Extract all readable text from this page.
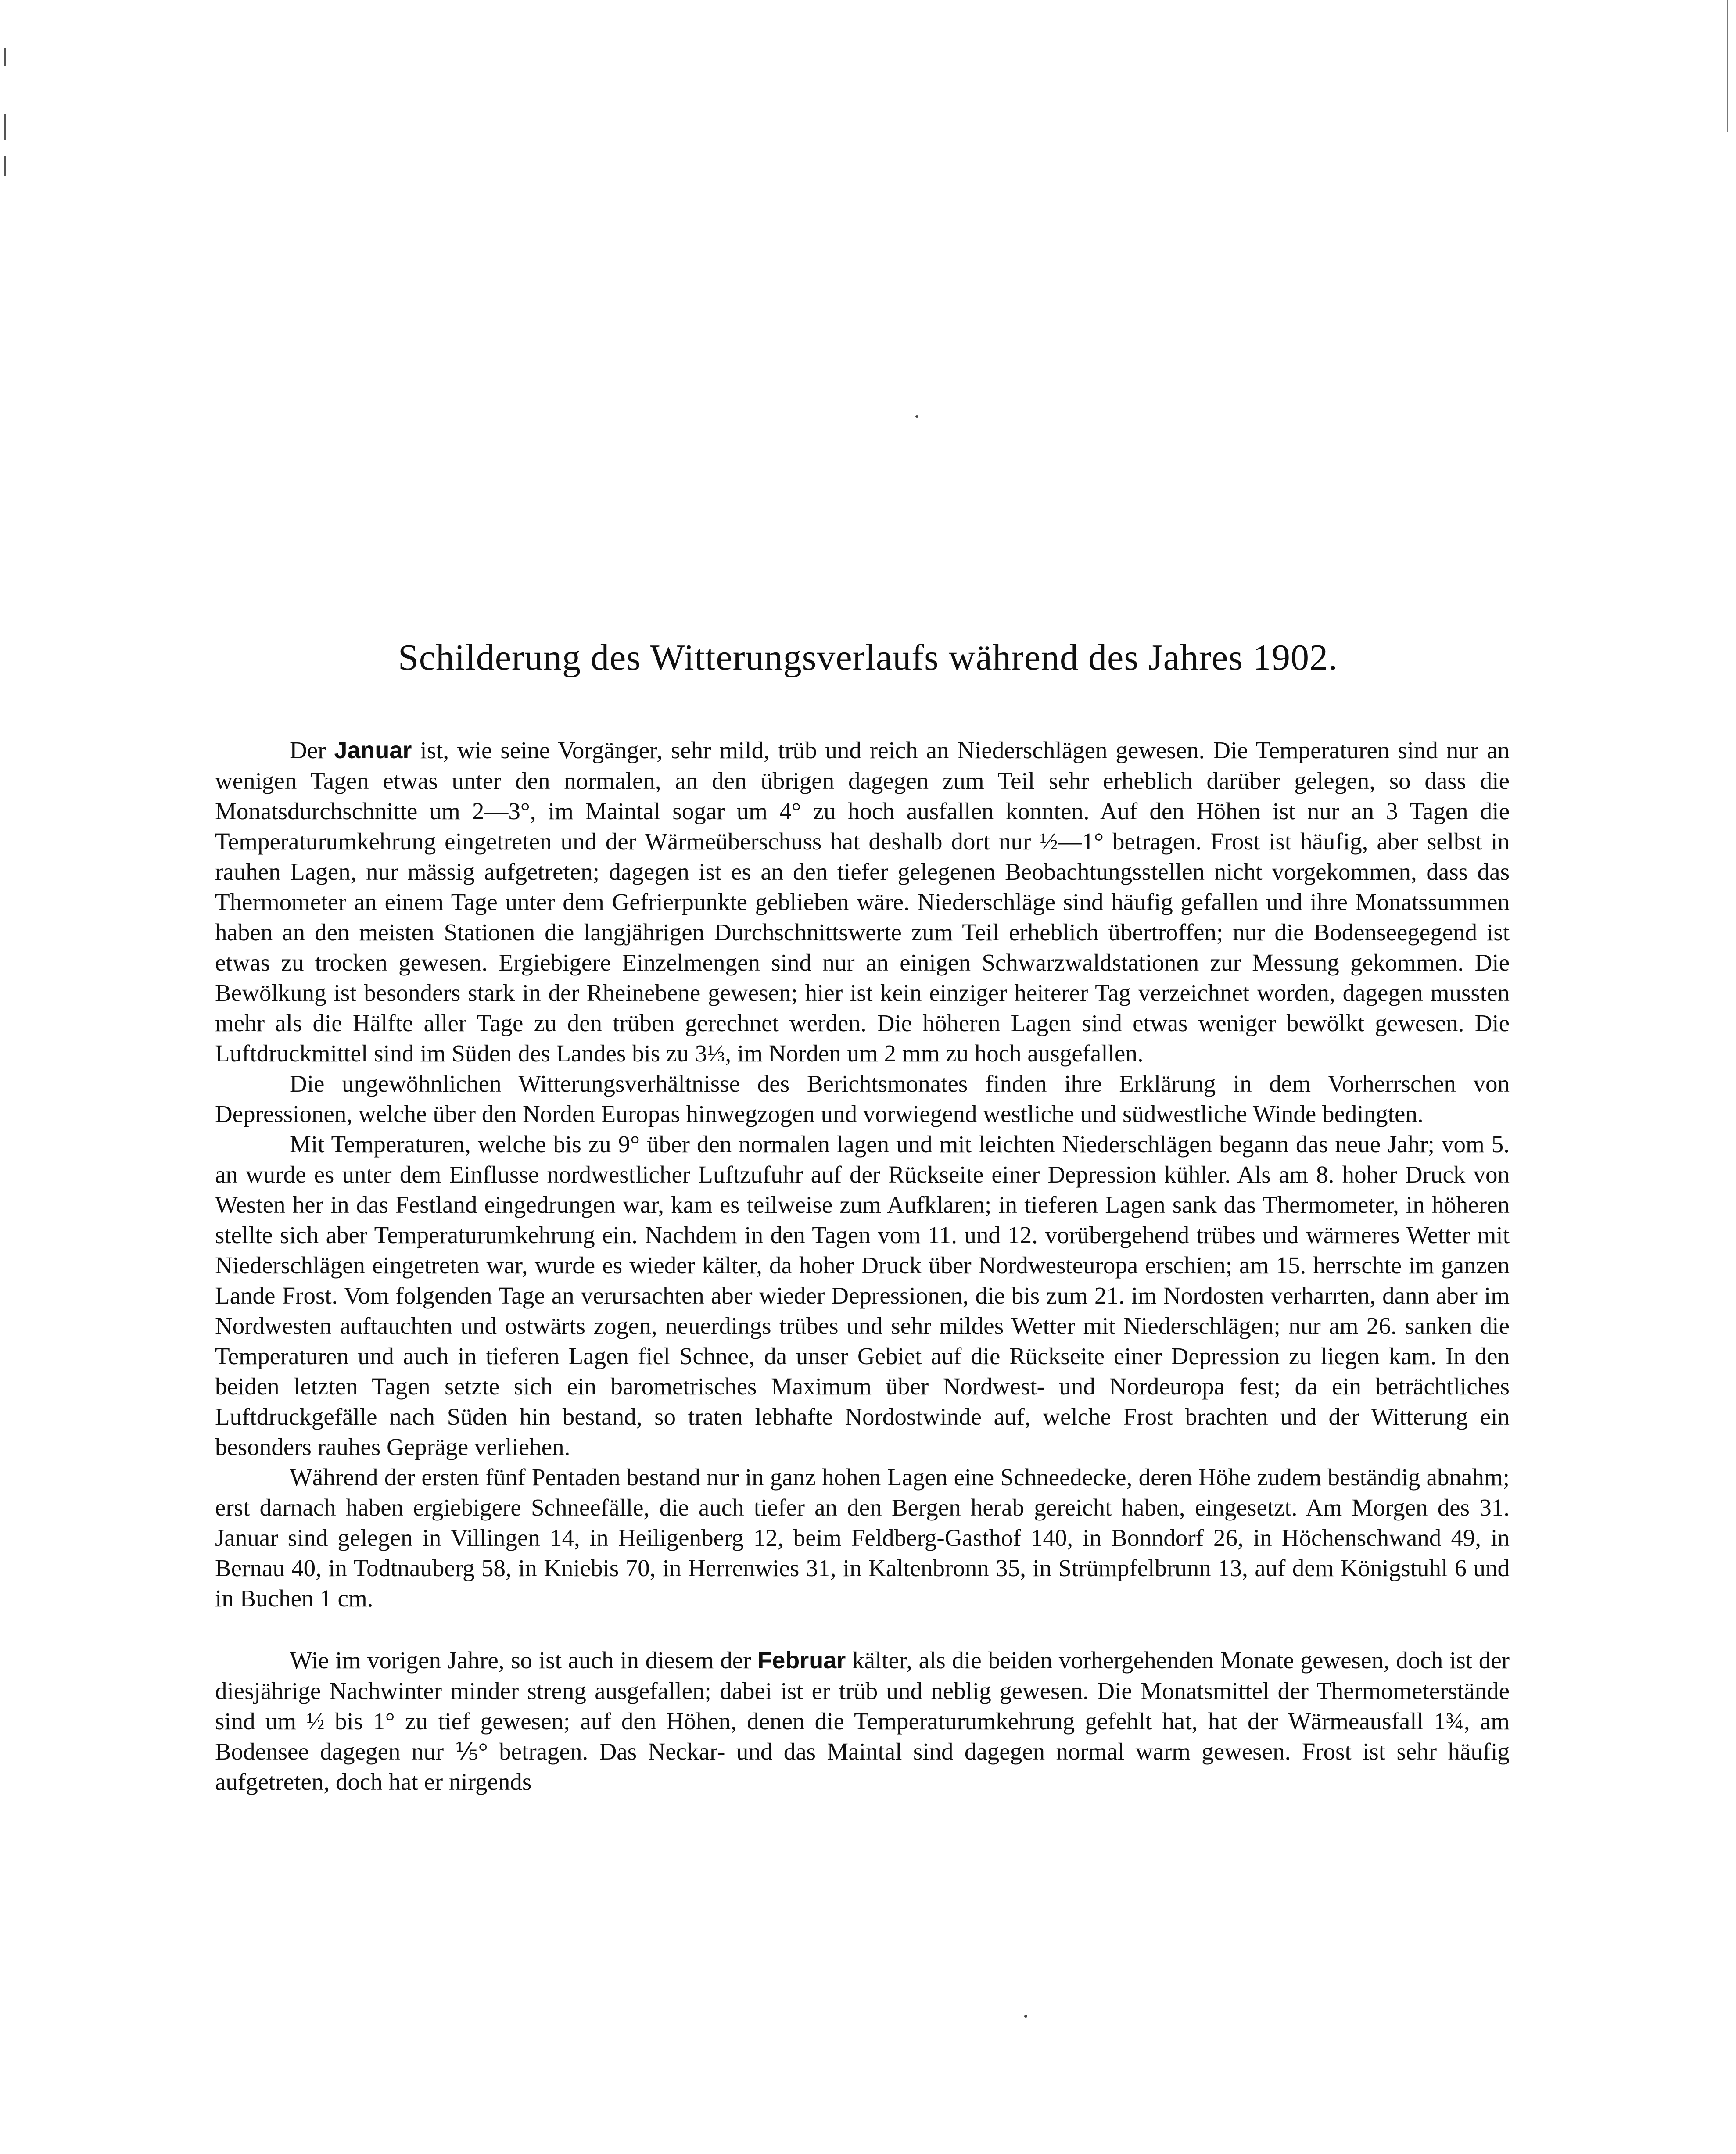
Schilderung des Witterungsverlaufs während des Jahres 1902.

Der Januar ist, wie seine Vorgänger, sehr mild, trüb und reich an Niederschlägen gewesen. Die Temperaturen sind nur an wenigen Tagen etwas unter den normalen, an den übrigen dagegen zum Teil sehr erheblich darüber gelegen, so dass die Monatsdurchschnitte um 2—3°, im Maintal sogar um 4° zu hoch ausfallen konnten. Auf den Höhen ist nur an 3 Tagen die Temperaturumkehrung eingetreten und der Wärmeüberschuss hat deshalb dort nur ½—1° betragen. Frost ist häufig, aber selbst in rauhen Lagen, nur mässig aufgetreten; dagegen ist es an den tiefer gelegenen Beobachtungsstellen nicht vorgekommen, dass das Thermometer an einem Tage unter dem Gefrierpunkte geblieben wäre. Niederschläge sind häufig gefallen und ihre Monatssummen haben an den meisten Stationen die langjährigen Durchschnittswerte zum Teil erheblich übertroffen; nur die Bodenseegegend ist etwas zu trocken gewesen. Ergiebigere Einzelmengen sind nur an einigen Schwarzwaldstationen zur Messung gekommen. Die Bewölkung ist besonders stark in der Rheinebene gewesen; hier ist kein einziger heiterer Tag verzeichnet worden, dagegen mussten mehr als die Hälfte aller Tage zu den trüben gerechnet werden. Die höheren Lagen sind etwas weniger bewölkt gewesen. Die Luftdruckmittel sind im Süden des Landes bis zu 3⅓, im Norden um 2 mm zu hoch ausgefallen.

Die ungewöhnlichen Witterungsverhältnisse des Berichtsmonates finden ihre Erklärung in dem Vorherrschen von Depressionen, welche über den Norden Europas hinwegzogen und vorwiegend westliche und südwestliche Winde bedingten.

Mit Temperaturen, welche bis zu 9° über den normalen lagen und mit leichten Niederschlägen begann das neue Jahr; vom 5. an wurde es unter dem Einflusse nordwestlicher Luftzufuhr auf der Rückseite einer Depression kühler. Als am 8. hoher Druck von Westen her in das Festland eingedrungen war, kam es teilweise zum Aufklaren; in tieferen Lagen sank das Thermometer, in höheren stellte sich aber Temperaturumkehrung ein. Nachdem in den Tagen vom 11. und 12. vorübergehend trübes und wärmeres Wetter mit Niederschlägen eingetreten war, wurde es wieder kälter, da hoher Druck über Nordwesteuropa erschien; am 15. herrschte im ganzen Lande Frost. Vom folgenden Tage an verursachten aber wieder Depressionen, die bis zum 21. im Nordosten verharrten, dann aber im Nordwesten auftauchten und ostwärts zogen, neuerdings trübes und sehr mildes Wetter mit Niederschlägen; nur am 26. sanken die Temperaturen und auch in tieferen Lagen fiel Schnee, da unser Gebiet auf die Rückseite einer Depression zu liegen kam. In den beiden letzten Tagen setzte sich ein barometrisches Maximum über Nordwest- und Nordeuropa fest; da ein beträchtliches Luftdruckgefälle nach Süden hin bestand, so traten lebhafte Nordostwinde auf, welche Frost brachten und der Witterung ein besonders rauhes Gepräge verliehen.

Während der ersten fünf Pentaden bestand nur in ganz hohen Lagen eine Schneedecke, deren Höhe zudem beständig abnahm; erst darnach haben ergiebigere Schneefälle, die auch tiefer an den Bergen herab gereicht haben, eingesetzt. Am Morgen des 31. Januar sind gelegen in Villingen 14, in Heiligenberg 12, beim Feldberg-Gasthof 140, in Bonndorf 26, in Höchenschwand 49, in Bernau 40, in Todtnauberg 58, in Kniebis 70, in Herrenwies 31, in Kaltenbronn 35, in Strümpfelbrunn 13, auf dem Königstuhl 6 und in Buchen 1 cm.

Wie im vorigen Jahre, so ist auch in diesem der Februar kälter, als die beiden vorhergehenden Monate gewesen, doch ist der diesjährige Nachwinter minder streng ausgefallen; dabei ist er trüb und neblig gewesen. Die Monatsmittel der Thermometerstände sind um ½ bis 1° zu tief gewesen; auf den Höhen, denen die Temperaturumkehrung gefehlt hat, hat der Wärmeausfall 1¾, am Bodensee dagegen nur ⅕° betragen. Das Neckar- und das Maintal sind dagegen normal warm gewesen. Frost ist sehr häufig aufgetreten, doch hat er nirgends
